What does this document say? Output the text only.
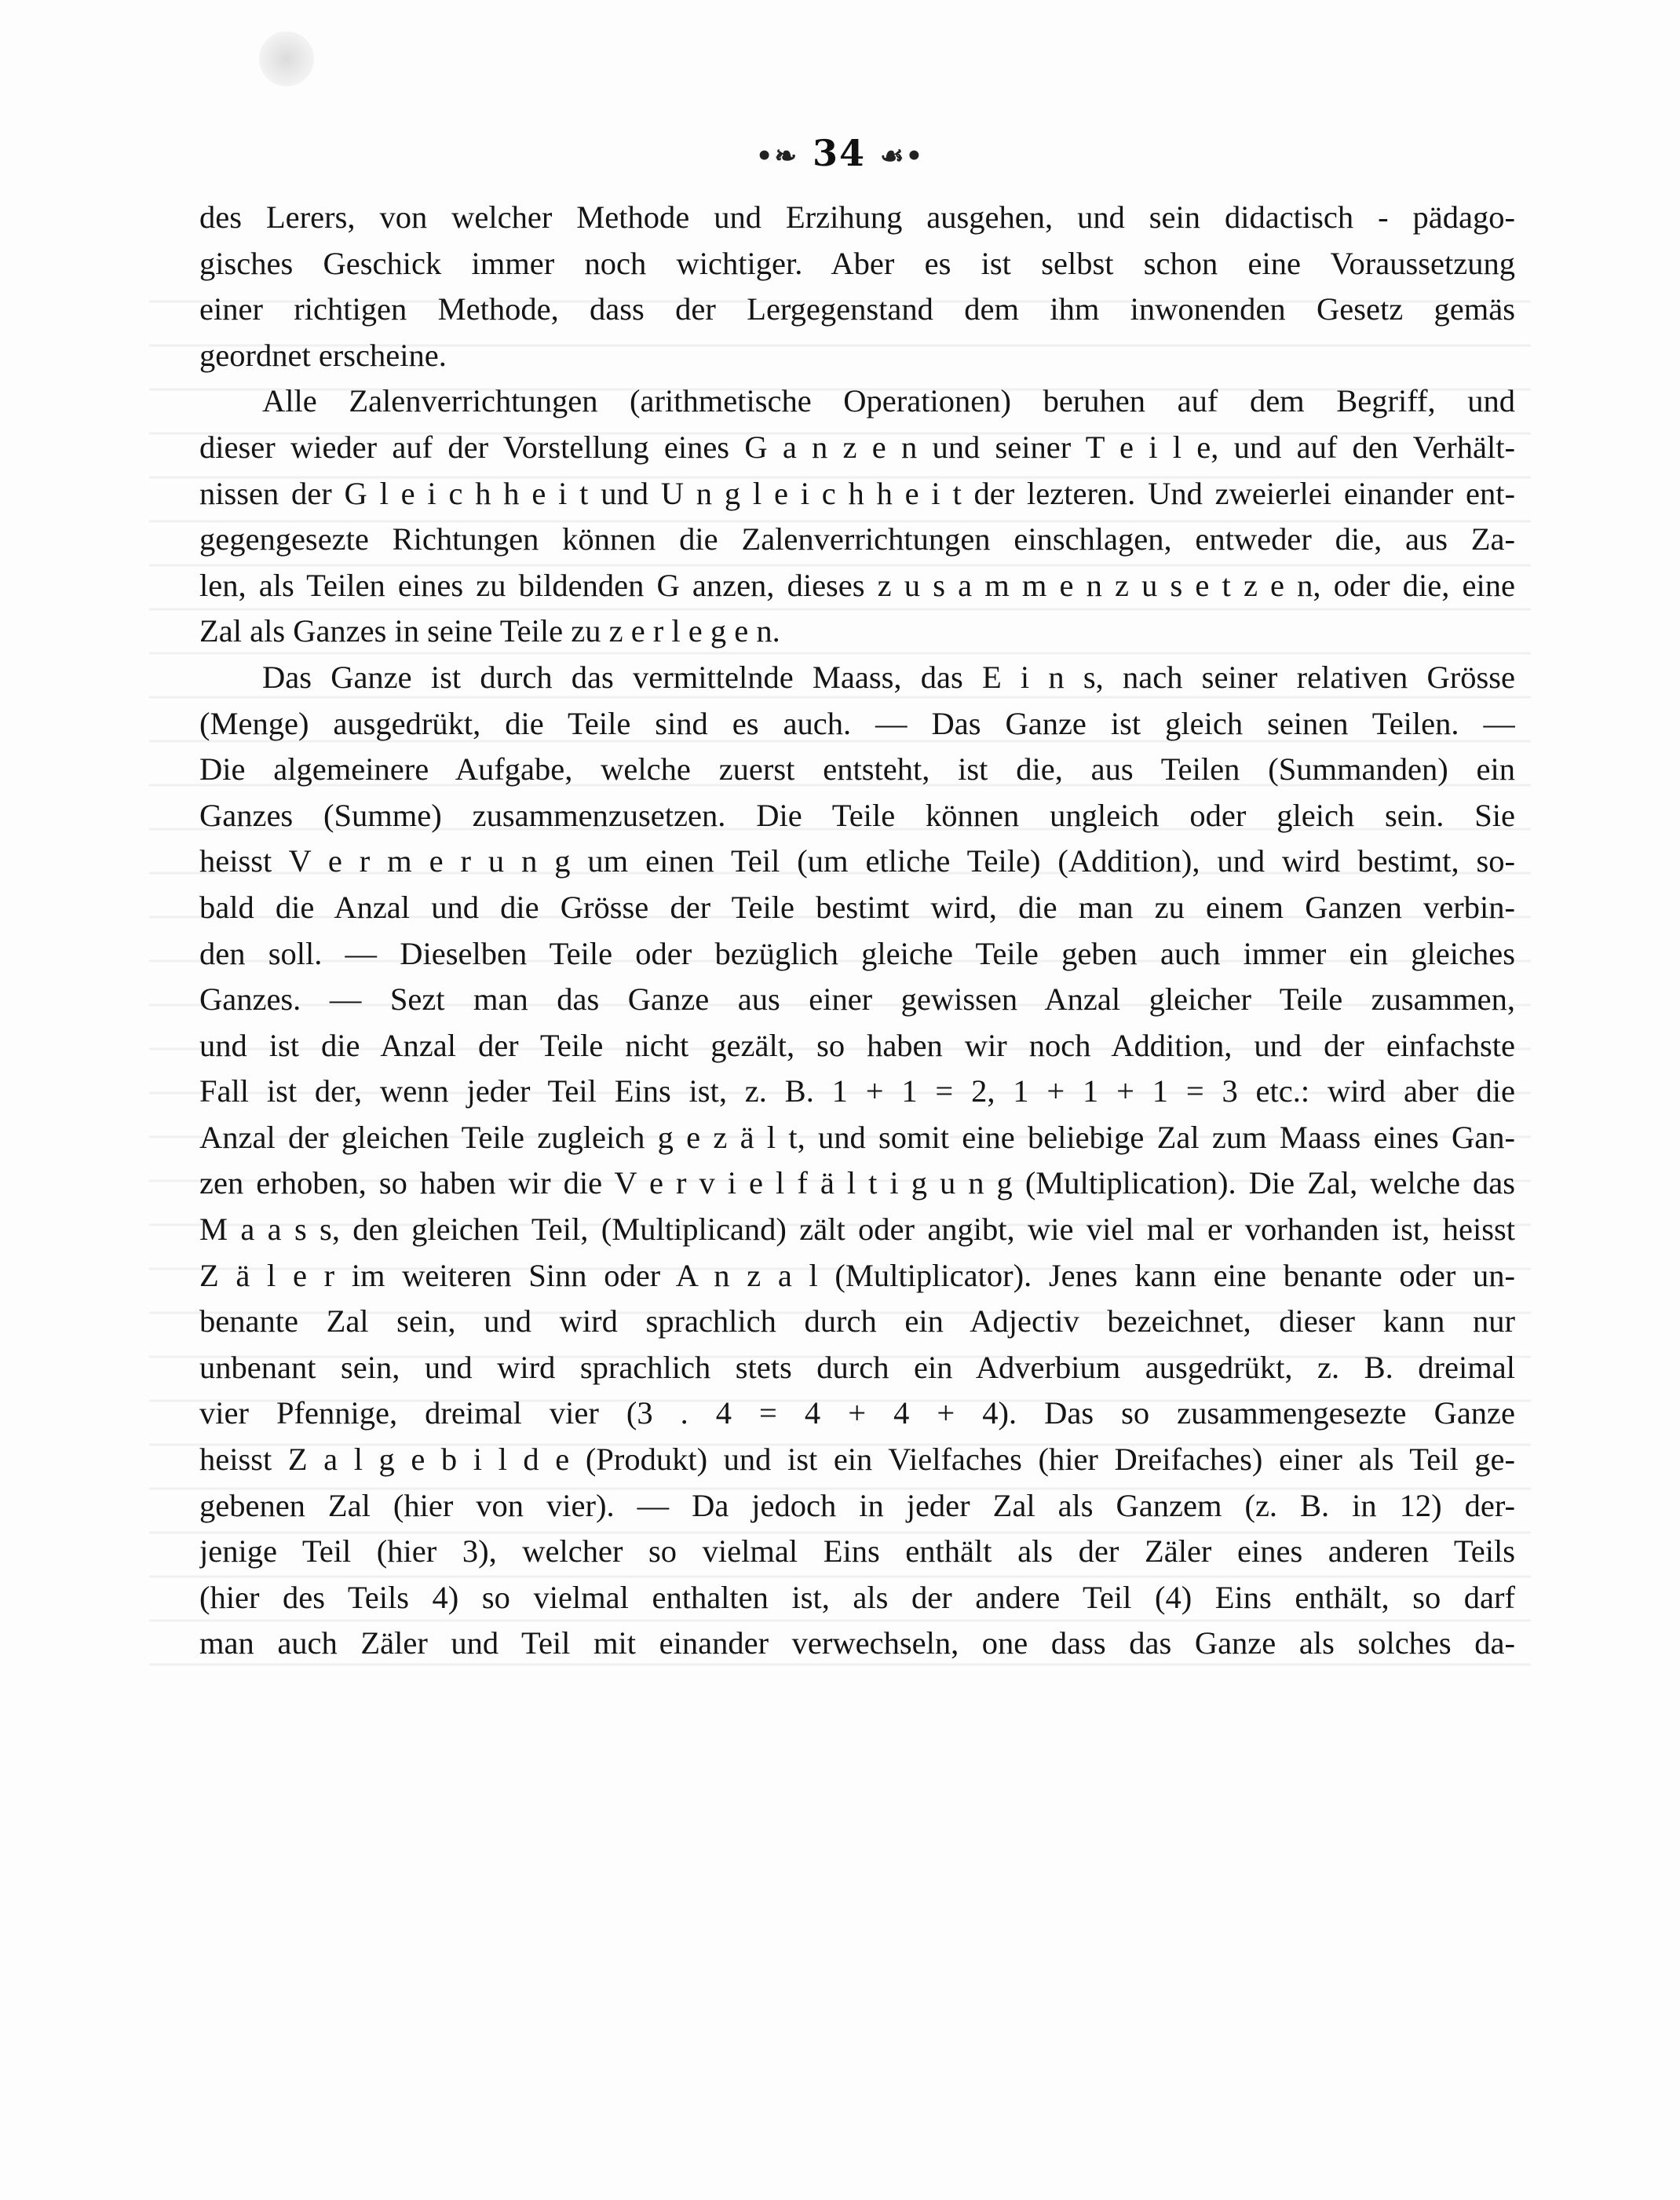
•❧ 34 ☙•
des Lerers, von welcher Methode und Erzihung ausgehen, und sein didactisch - pädago-
gisches Geschick immer noch wichtiger. Aber es ist selbst schon eine Voraussetzung
einer richtigen Methode, dass der Lergegenstand dem ihm inwonenden Gesetz gemäs
geordnet erscheine.
Alle Zalenverrichtungen (arithmetische Operationen) beruhen auf dem Begriff, und
dieser wieder auf der Vorstellung eines G a n z e n und seiner T e i l e, und auf den Verhält-
nissen der G l e i c h h e i t und U n g l e i c h h e i t der lezteren. Und zweierlei einander ent-
gegengesezte Richtungen können die Zalenverrichtungen einschlagen, entweder die, aus Za-
len, als Teilen eines zu bildenden G anzen, dieses z u s a m m e n z u s e t z e n, oder die, eine
Zal als Ganzes in seine Teile zu z e r l e g e n.
Das Ganze ist durch das vermittelnde Maass, das E i n s, nach seiner relativen Grösse
(Menge) ausgedrükt, die Teile sind es auch. — Das Ganze ist gleich seinen Teilen. —
Die algemeinere Aufgabe, welche zuerst entsteht, ist die, aus Teilen (Summanden) ein
Ganzes (Summe) zusammenzusetzen. Die Teile können ungleich oder gleich sein. Sie
heisst V e r m e r u n g um einen Teil (um etliche Teile) (Addition), und wird bestimt, so-
bald die Anzal und die Grösse der Teile bestimt wird, die man zu einem Ganzen verbin-
den soll. — Dieselben Teile oder bezüglich gleiche Teile geben auch immer ein gleiches
Ganzes. — Sezt man das Ganze aus einer gewissen Anzal gleicher Teile zusammen,
und ist die Anzal der Teile nicht gezält, so haben wir noch Addition, und der einfachste
Fall ist der, wenn jeder Teil Eins ist, z. B. 1 + 1 = 2, 1 + 1 + 1 = 3 etc.: wird aber die
Anzal der gleichen Teile zugleich g e z ä l t, und somit eine beliebige Zal zum Maass eines Gan-
zen erhoben, so haben wir die V e r v i e l f ä l t i g u n g (Multiplication). Die Zal, welche das
M a a s s, den gleichen Teil, (Multiplicand) zält oder angibt, wie viel mal er vorhanden ist, heisst
Z ä l e r im weiteren Sinn oder A n z a l (Multiplicator). Jenes kann eine benante oder un-
benante Zal sein, und wird sprachlich durch ein Adjectiv bezeichnet, dieser kann nur
unbenant sein, und wird sprachlich stets durch ein Adverbium ausgedrükt, z. B. dreimal
vier Pfennige, dreimal vier (3 . 4 = 4 + 4 + 4). Das so zusammengesezte Ganze
heisst Z a l g e b i l d e (Produkt) und ist ein Vielfaches (hier Dreifaches) einer als Teil ge-
gebenen Zal (hier von vier). — Da jedoch in jeder Zal als Ganzem (z. B. in 12) der-
jenige Teil (hier 3), welcher so vielmal Eins enthält als der Zäler eines anderen Teils
(hier des Teils 4) so vielmal enthalten ist, als der andere Teil (4) Eins enthält, so darf
man auch Zäler und Teil mit einander verwechseln, one dass das Ganze als solches da-
